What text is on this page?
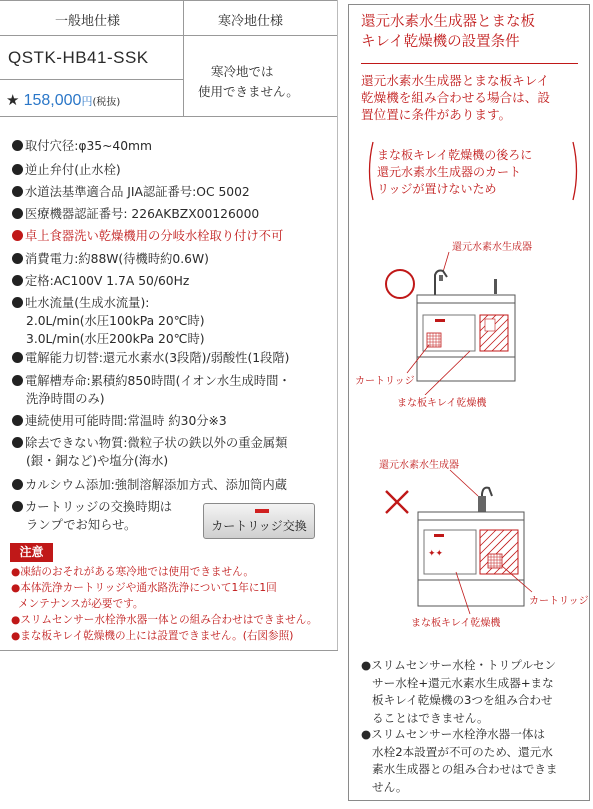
一般地仕様	寒冷地仕様
QSTK-HB41-SSK
★ 158,000円(税抜)
寒冷地では
使用できません。
取付穴径:φ35~40mm
逆止弁付(止水栓)
水道法基準適合品 JIA認証番号:OC 5002
医療機器認証番号: 226AKBZX00126000
卓上食器洗い乾燥機用の分岐水栓取り付け不可
消費電力:約88W(待機時約0.6W)
定格:AC100V 1.7A 50/60Hz
吐水流量(生成水流量):
2.0L/min(水圧100kPa 20℃時)
3.0L/min(水圧200kPa 20℃時)
電解能力切替:還元水素水(3段階)/弱酸性(1段階)
電解槽寿命:累積約850時間(イオン水生成時間・
洗浄時間のみ)
連続使用可能時間:常温時 約30分※3
除去できない物質:微粒子状の鉄以外の重金属類
(銀・銅など)や塩分(海水)
カルシウム添加:強制溶解添加方式、添加筒内蔵
カートリッジの交換時期は
ランプでお知らせ。	カートリッジ交換
注意
●凍結のおそれがある寒冷地では使用できません。
●本体洗浄カートリッジや通水路洗浄について1年に1回
メンテナンスが必要です。
●スリムセンサー水栓浄水器一体との組み合わせはできません。
●まな板キレイ乾燥機の上には設置できません。(右図参照)
還元水素水生成器とまな板
キレイ乾燥機の設置条件
還元水素水生成器とまな板キレイ
乾燥機を組み合わせる場合は、設
置位置に条件があります。
まな板キレイ乾燥機の後ろに
還元水素水生成器のカート
リッジが置けないため
還元水素水生成器
カートリッジ
まな板キレイ乾燥機
還元水素水生成器
✦✦
カートリッジ
まな板キレイ乾燥機
●スリムセンサー水栓・トリプルセン
サー水栓+還元水素水生成器+まな
板キレイ乾燥機の3つを組み合わせ
ることはできません。
●スリムセンサー水栓浄水器一体は
水栓2本設置が不可のため、還元水
素水生成器との組み合わせはできま
せん。
